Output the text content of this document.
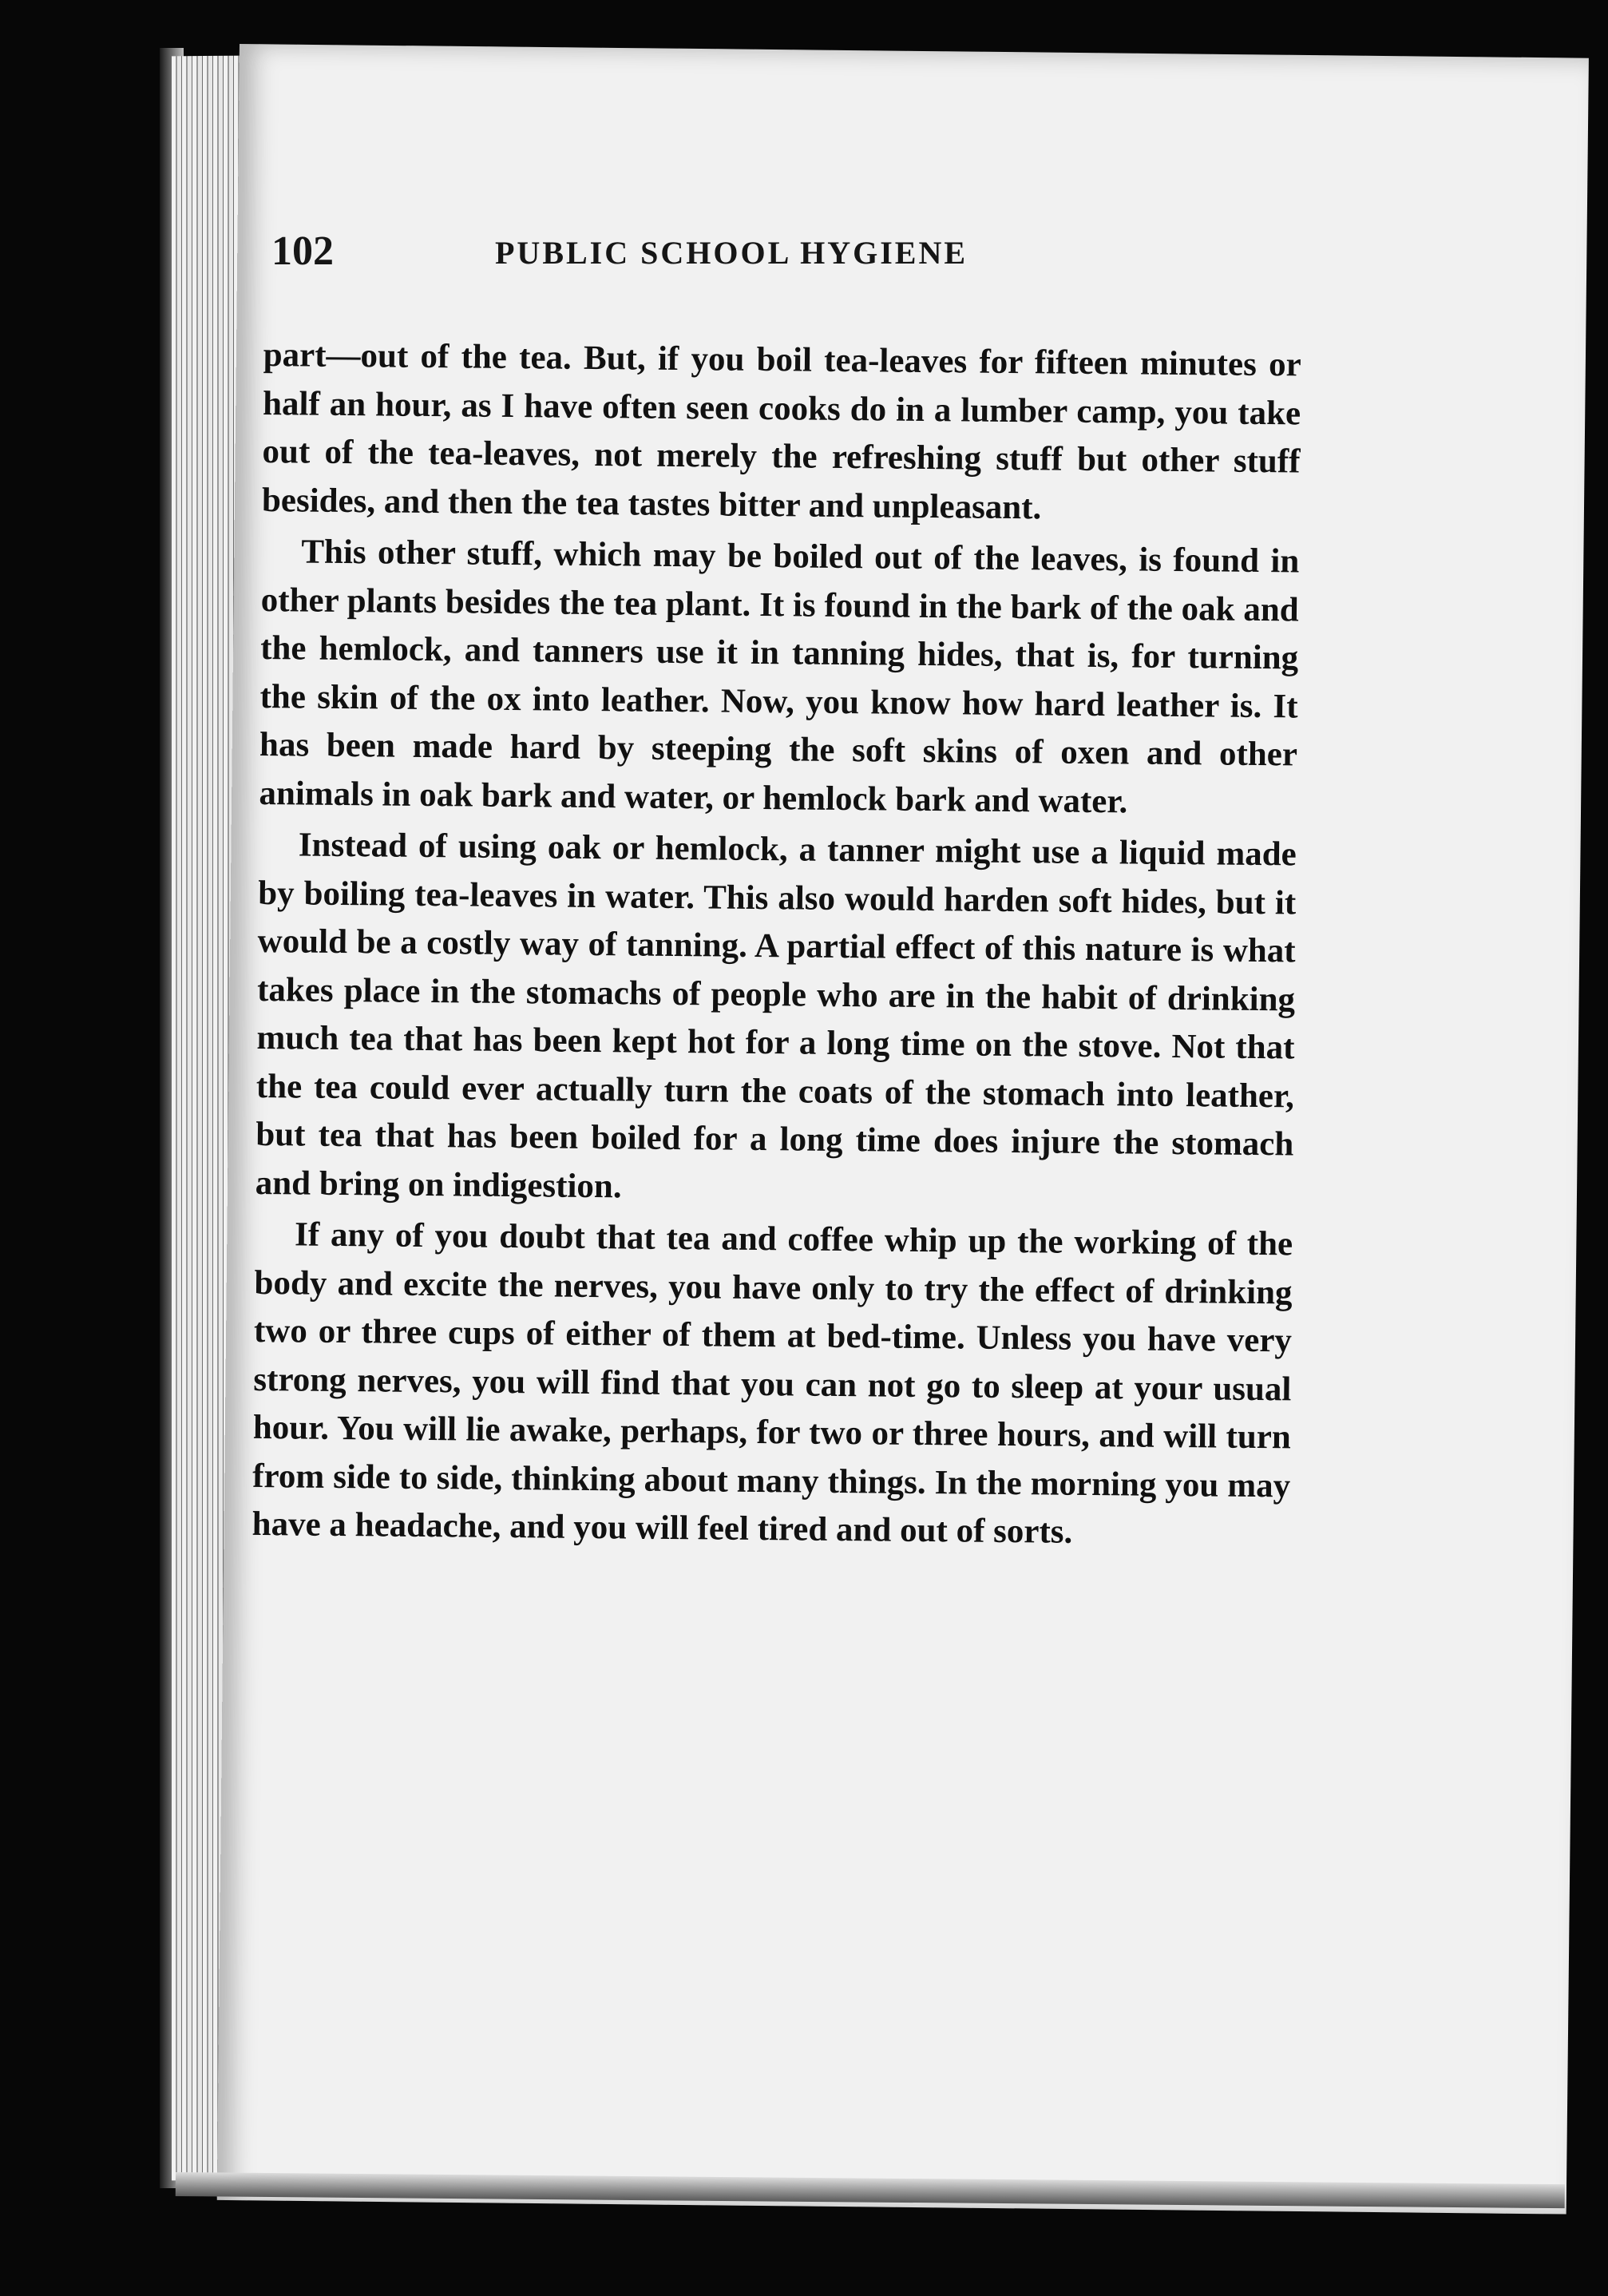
102	PUBLIC SCHOOL HYGIENE

part—out of the tea. But, if you boil tea-leaves for fifteen minutes or half an hour, as I have often seen cooks do in a lumber camp, you take out of the tea-leaves, not merely the refreshing stuff but other stuff besides, and then the tea tastes bitter and unpleasant.

This other stuff, which may be boiled out of the leaves, is found in other plants besides the tea plant. It is found in the bark of the oak and the hemlock, and tanners use it in tanning hides, that is, for turning the skin of the ox into leather. Now, you know how hard leather is. It has been made hard by steeping the soft skins of oxen and other animals in oak bark and water, or hemlock bark and water.

Instead of using oak or hemlock, a tanner might use a liquid made by boiling tea-leaves in water. This also would harden soft hides, but it would be a costly way of tanning. A partial effect of this nature is what takes place in the stomachs of people who are in the habit of drinking much tea that has been kept hot for a long time on the stove. Not that the tea could ever actually turn the coats of the stomach into leather, but tea that has been boiled for a long time does injure the stomach and bring on indigestion.

If any of you doubt that tea and coffee whip up the working of the body and excite the nerves, you have only to try the effect of drinking two or three cups of either of them at bed-time. Unless you have very strong nerves, you will find that you can not go to sleep at your usual hour. You will lie awake, perhaps, for two or three hours, and will turn from side to side, thinking about many things. In the morning you may have a headache, and you will feel tired and out of sorts.
